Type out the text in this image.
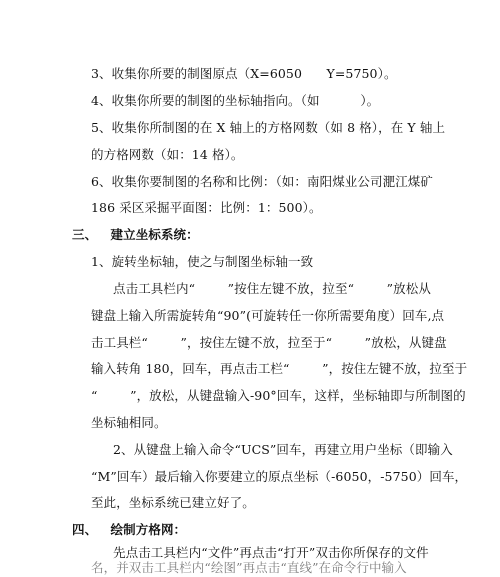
3、收集你所要的制图原点（X=6050      Y=5750）。
4、收集你所要的制图的坐标轴指向。（如          ）。
5、收集你所制图的在 X 轴上的方格网数（如 8 格），在 Y 轴上
的方格网数（如：14 格）。
6、收集你要制图的名称和比例：（如：南阳煤业公司淝江煤矿
186 采区采掘平面图：比例：1：500）。
三、   建立坐标系统：
1、旋转坐标轴，使之与制图坐标轴一致
点击工具栏内“        ”按住左键不放，拉至“        ”放松从
键盘上输入所需旋转角“90”(可旋转任一你所需要角度）回车,点
击工具栏“        ”，按住左键不放，拉至于“        ”放松，从键盘
输入转角 180，回车，再点击工栏“        ”，按住左键不放，拉至于
“        ”，放松，从键盘输入-90°回车，这样，坐标轴即与所制图的
坐标轴相同。
2、从键盘上输入命令“UCS”回车，再建立用户坐标（即输入
“M”回车）最后输入你要建立的原点坐标（-6050，-5750）回车，
至此，坐标系统已建立好了。
四、   绘制方格网：
先点击工具栏内“文件”再点击“打开”双击你所保存的文件
名，并双击工具栏内“绘图”再点击“直线”在命令行中输入
